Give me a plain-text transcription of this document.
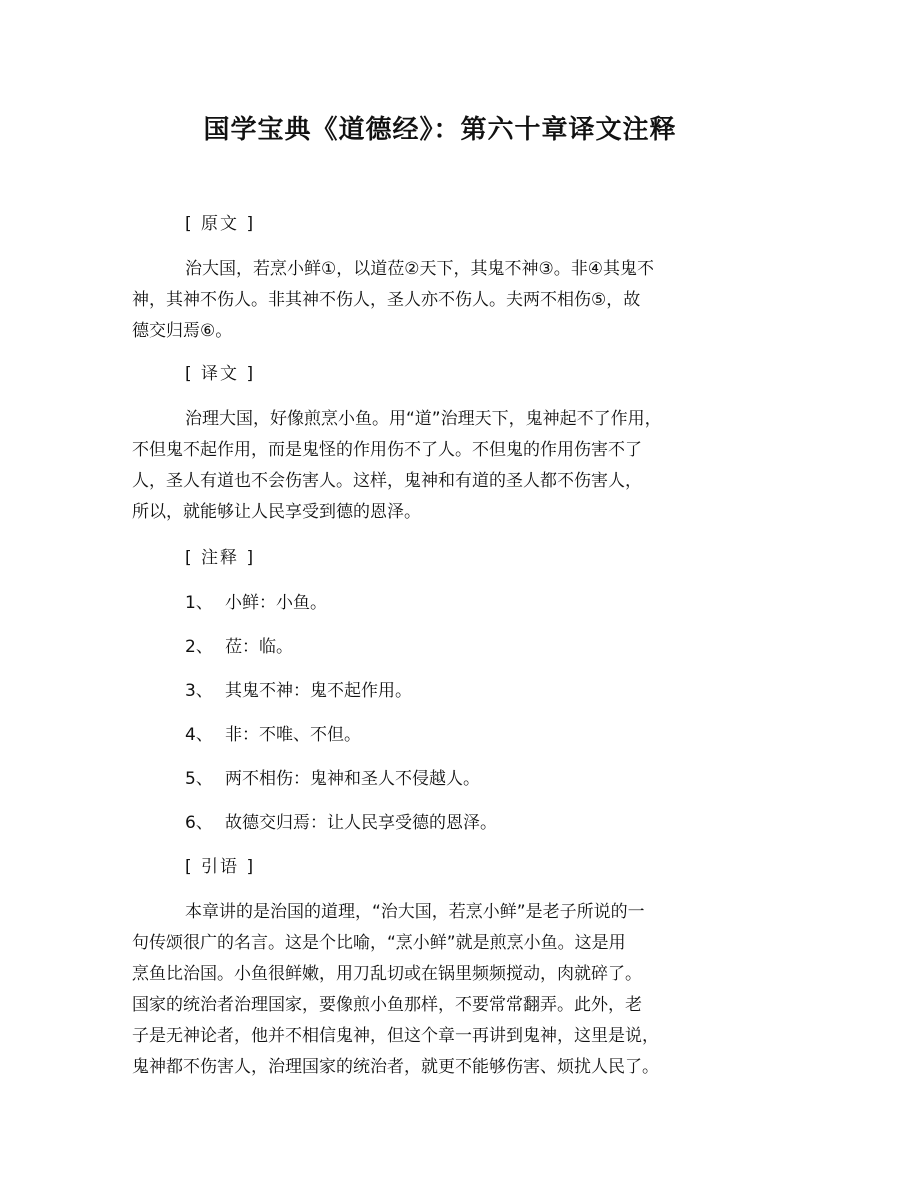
国学宝典《道德经》：第六十章译文注释
[ 原文 ]
治大国，若烹小鲜①，以道莅②天下，其鬼不神③。非④其鬼不
神，其神不伤人。非其神不伤人，圣人亦不伤人。夫两不相伤⑤，故
德交归焉⑥。
[ 译文 ]
治理大国，好像煎烹小鱼。用“道”治理天下，鬼神起不了作用，
不但鬼不起作用，而是鬼怪的作用伤不了人。不但鬼的作用伤害不了
人，圣人有道也不会伤害人。这样，鬼神和有道的圣人都不伤害人，
所以，就能够让人民享受到德的恩泽。
[ 注释 ]
1、 小鲜：小鱼。
2、 莅：临。
3、 其鬼不神：鬼不起作用。
4、 非：不唯、不但。
5、 两不相伤：鬼神和圣人不侵越人。
6、 故德交归焉：让人民享受德的恩泽。
[ 引语 ]
本章讲的是治国的道理，“治大国，若烹小鲜”是老子所说的一
句传颂很广的名言。这是个比喻，“烹小鲜”就是煎烹小鱼。这是用
烹鱼比治国。小鱼很鲜嫩，用刀乱切或在锅里频频搅动，肉就碎了。
国家的统治者治理国家，要像煎小鱼那样，不要常常翻弄。此外，老
子是无神论者，他并不相信鬼神，但这个章一再讲到鬼神，这里是说，
鬼神都不伤害人，治理国家的统治者，就更不能够伤害、烦扰人民了。
